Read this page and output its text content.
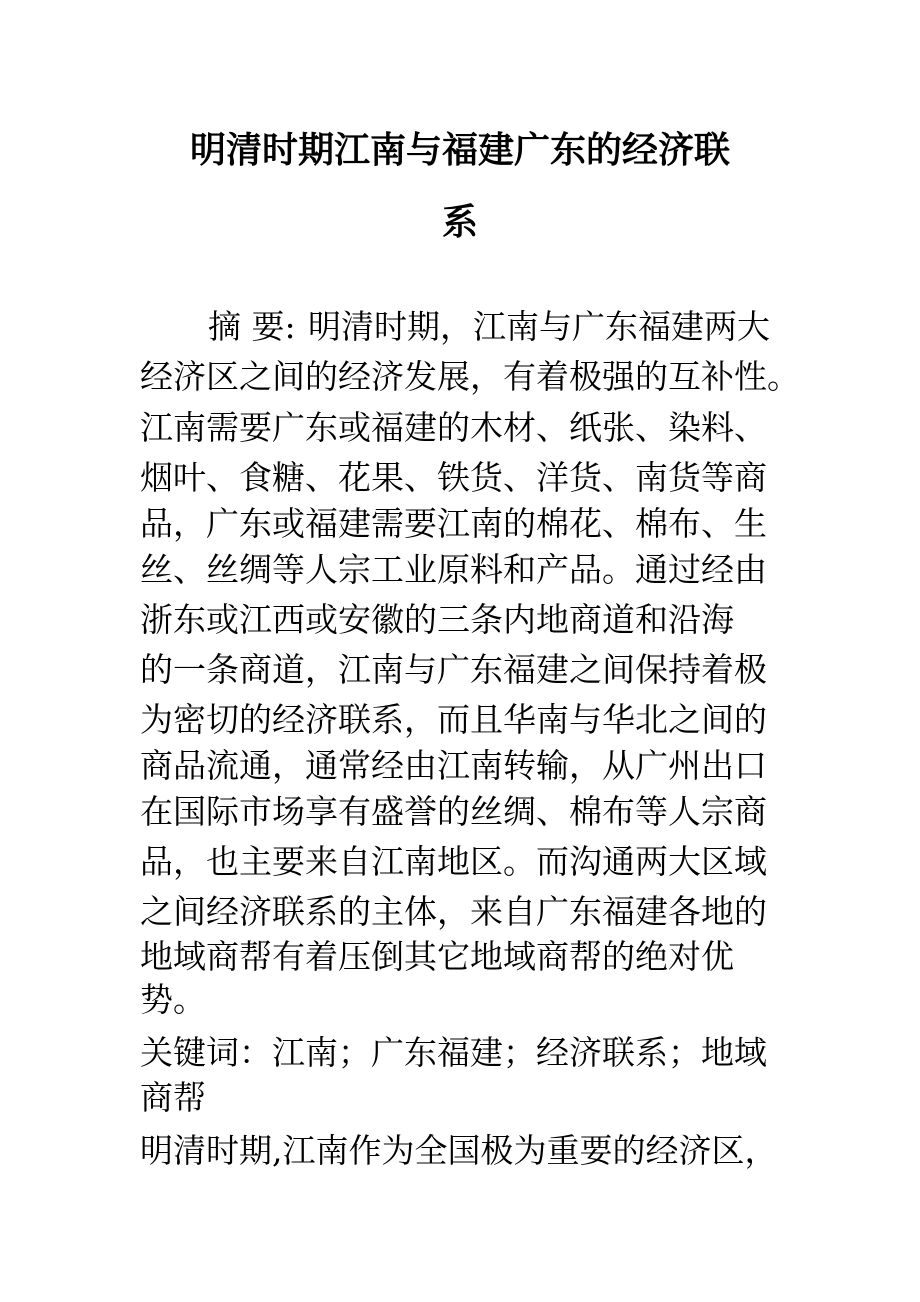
明清时期江南与福建广东的经济联
系
摘 要: 明清时期，江南与广东福建两大
经济区之间的经济发展，有着极强的互补性。
江南需要广东或福建的木材、纸张、染料、
烟叶、食糖、花果、铁货、洋货、南货等商
品，广东或福建需要江南的棉花、棉布、生
丝、丝绸等人宗工业原料和产品。通过经由
浙东或江西或安徽的三条内地商道和沿海
的一条商道，江南与广东福建之间保持着极
为密切的经济联系，而且华南与华北之间的
商品流通，通常经由江南转输，从广州出口
在国际市场享有盛誉的丝绸、棉布等人宗商
品，也主要来自江南地区。而沟通两大区域
之间经济联系的主体，来自广东福建各地的
地域商帮有着压倒其它地域商帮的绝对优
势。
关键词：江南；广东福建；经济联系；地域
商帮
明清时期,江南作为全国极为重要的经济区，
